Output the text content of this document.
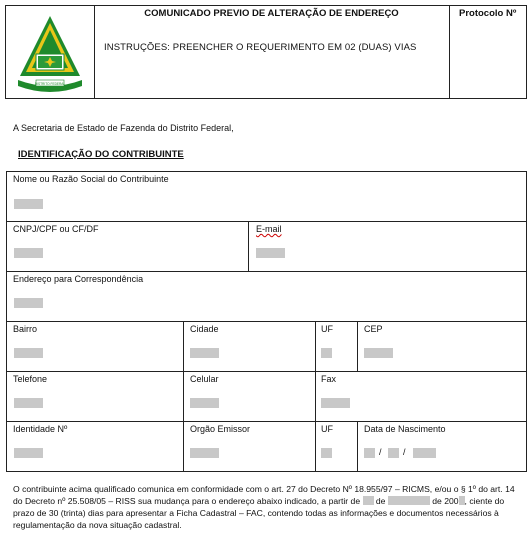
DISTRITO FEDERAL
COMUNICADO PREVIO DE ALTERAÇÃO DE ENDEREÇO
INSTRUÇÕES: PREENCHER O REQUERIMENTO EM 02 (DUAS) VIAS
Protocolo Nº
A Secretaria de Estado de Fazenda do Distrito Federal,
IDENTIFICAÇÃO DO CONTRIBUINTE
Nome ou Razão Social do Contribuinte
CNPJ/CPF ou CF/DF	E-mail
Endereço para Correspondência
Bairro	Cidade	UF	CEP
Telefone	Celular	Fax
Identidade Nº	Orgão Emissor	UF	Data de Nascimento
/ /
O contribuinte acima qualificado comunica em conformidade com o art. 27 do Decreto Nº 18.955/97 – RICMS, e/ou o § 1º do art. 14 do Decreto nº 25.508/05 – RISS sua mudança para o endereço abaixo indicado, a partir de de	de 200 , ciente do prazo de 30 (trinta) dias para apresentar a Ficha Cadastral – FAC, contendo todas as informações e documentos necessários à regulamentação da nova situação cadastral.
